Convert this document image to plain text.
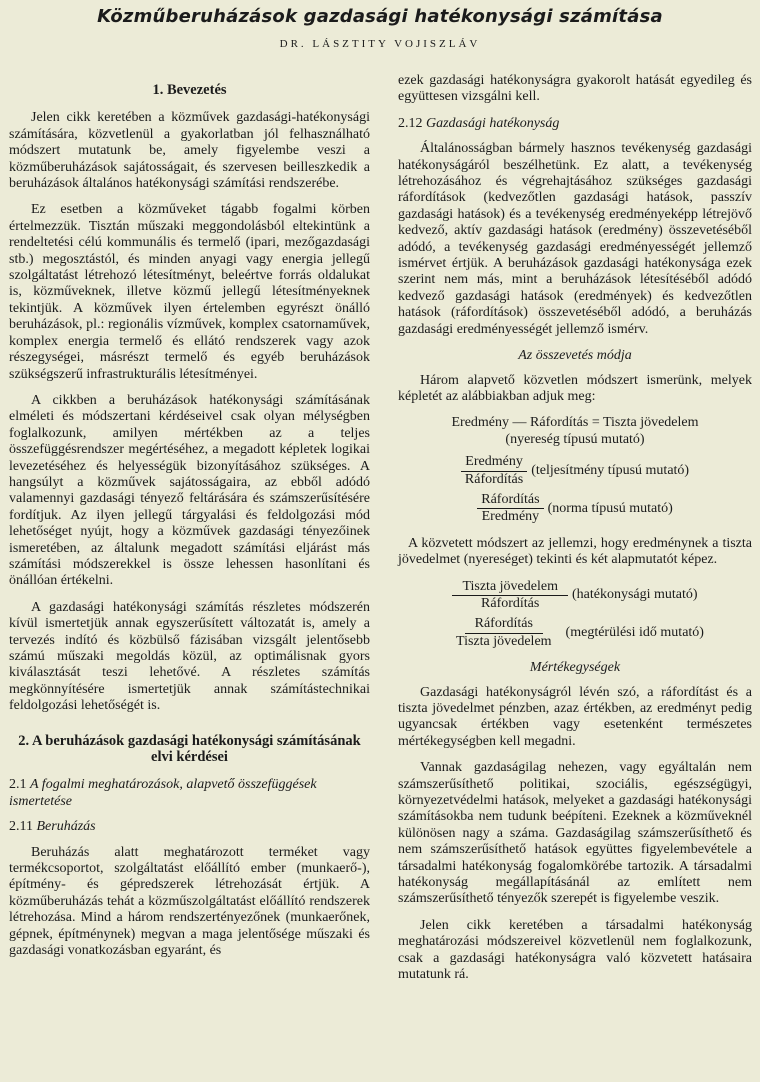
Közműberuházások gazdasági hatékonysági számítása
DR. LÁSZTITY VOJISZLÁV
1. Bevezetés

Jelen cikk keretében a közművek gazdasági-hatékonysági számítására, közvetlenül a gyakorlatban jól felhasználható módszert mutatunk be, amely figyelembe veszi a közműberuházások sajátosságait, és szervesen beilleszkedik a beruházások általános hatékonysági számítási rendszerébe.

Ez esetben a közműveket tágabb fogalmi körben értelmezzük. Tisztán műszaki meggondolásból eltekintünk a rendeltetési célú kommunális és termelő (ipari, mezőgazdasági stb.) megosztástól, és minden anyagi vagy energia jellegű szolgáltatást létrehozó létesítményt, beleértve forrás oldalukat is, közműveknek, illetve közmű jellegű létesítményeknek tekintjük. A közművek ilyen értelemben egyrészt önálló beruházások, pl.: regionális vízművek, komplex csatornaművek, komplex energia termelő és ellátó rendszerek vagy azok részegységei, másrészt termelő és egyéb beruházások szükségszerű infrastrukturális létesítményei.

A cikkben a beruházások hatékonysági számításának elméleti és módszertani kérdéseivel csak olyan mélységben foglalkozunk, amilyen mértékben az a teljes összefüggésrendszer megértéséhez, a megadott képletek logikai levezetéséhez és helyességük bizonyításához szükséges. A hangsúlyt a közművek sajátosságaira, az ebből adódó valamennyi gazdasági tényező feltárására és számszerűsítésére fordítjuk. Az ilyen jellegű tárgyalási és feldolgozási mód lehetőséget nyújt, hogy a közművek gazdasági tényezőinek ismeretében, az általunk megadott számítási eljárást más számítási módszerekkel is össze lehessen hasonlítani és önállóan értékelni.

A gazdasági hatékonysági számítás részletes módszerén kívül ismertetjük annak egyszerűsített változatát is, amely a tervezés indító és közbülső fázisában vizsgált jelentősebb számú műszaki megoldás közül, az optimálisnak gyors kiválasztását teszi lehetővé. A részletes számítás megkönnyítésére ismertetjük annak számítástechnikai feldolgozási lehetőségét is.

2. A beruházások gazdasági hatékonysági számításának elvi kérdései
2.1 A fogalmi meghatározások, alapvető összefüggések ismertetése
2.11 Beruházás

Beruházás alatt meghatározott terméket vagy termékcsoportot, szolgáltatást előállító ember (munkaerő-), építmény- és gépredszerek létrehozását értjük. A közműberuházás tehát a közműszolgáltatást előállító rendszerek létrehozása. Mind a három rendszertényezőnek (munkaerőnek, gépnek, építménynek) megvan a maga jelentősége műszaki és gazdasági vonatkozásban egyaránt, és

ezek gazdasági hatékonyságra gyakorolt hatását egyedileg és együttesen vizsgálni kell.

2.12 Gazdasági hatékonyság

Általánosságban bármely hasznos tevékenység gazdasági hatékonyságáról beszélhetünk. Ez alatt, a tevékenység létrehozásához és végrehajtásához szükséges gazdasági ráfordítások (kedvezőtlen gazdasági hatások, passzív gazdasági hatások) és a tevékenység eredményeképp létrejövő kedvező, aktív gazdasági hatások (eredmény) összevetéséből adódó, a tevékenység gazdasági eredményességét jellemző ismérvet értjük. A beruházások gazdasági hatékonysága ezek szerint nem más, mint a beruházások létesítéséből adódó kedvező gazdasági hatások (eredmények) és kedvezőtlen hatások (ráfordítások) összevetéséből adódó, a beruházás gazdasági eredményességét jellemző ismérv.

Az összevetés módja

Három alapvető közvetlen módszert ismerünk, melyek képletét az alábbiakban adjuk meg:

Eredmény — Ráfordítás = Tiszta jövedelem
(nyereség típusú mutató)
$\frac{\text{Eredmény}}{\text{Ráfordítás}}$ (teljesítmény típusú mutató)
$\frac{\text{Ráfordítás}}{\text{Eredmény}}$ (norma típusú mutató)

A közvetett módszert az jellemzi, hogy eredménynek a tiszta jövedelmet (nyereséget) tekinti és két alapmutatót képez.

$\frac{\text{Tiszta jövedelem}}{\text{Ráfordítás}}$ (hatékonysági mutató)
$\frac{\text{Ráfordítás}}{\text{Tiszta jövedelem}}$ (megtérülési idő mutató)
Mértékegységek

Gazdasági hatékonyságról lévén szó, a ráfordítást és a tiszta jövedelmet pénzben, azaz értékben, az eredményt pedig ugyancsak értékben vagy esetenként természetes mértékegységben kell megadni.

Vannak gazdaságilag nehezen, vagy egyáltalán nem számszerűsíthető politikai, szociális, egészségügyi, környezetvédelmi hatások, melyeket a gazdasági hatékonysági számításokba nem tudunk beépíteni. Ezeknek a közműveknél különösen nagy a száma. Gazdaságilag számszerűsíthető és nem számszerűsíthető hatások együttes figyelembevétele a társadalmi hatékonyság fogalomkörébe tartozik. A társadalmi hatékonyság megállapításánál az említett nem számszerűsíthető tényezők szerepét is figyelembe veszik.

Jelen cikk keretében a társadalmi hatékonyság meghatározási módszereivel közvetlenül nem foglalkozunk, csak a gazdasági hatékonyságra való közvetett hatásaira mutatunk rá.
